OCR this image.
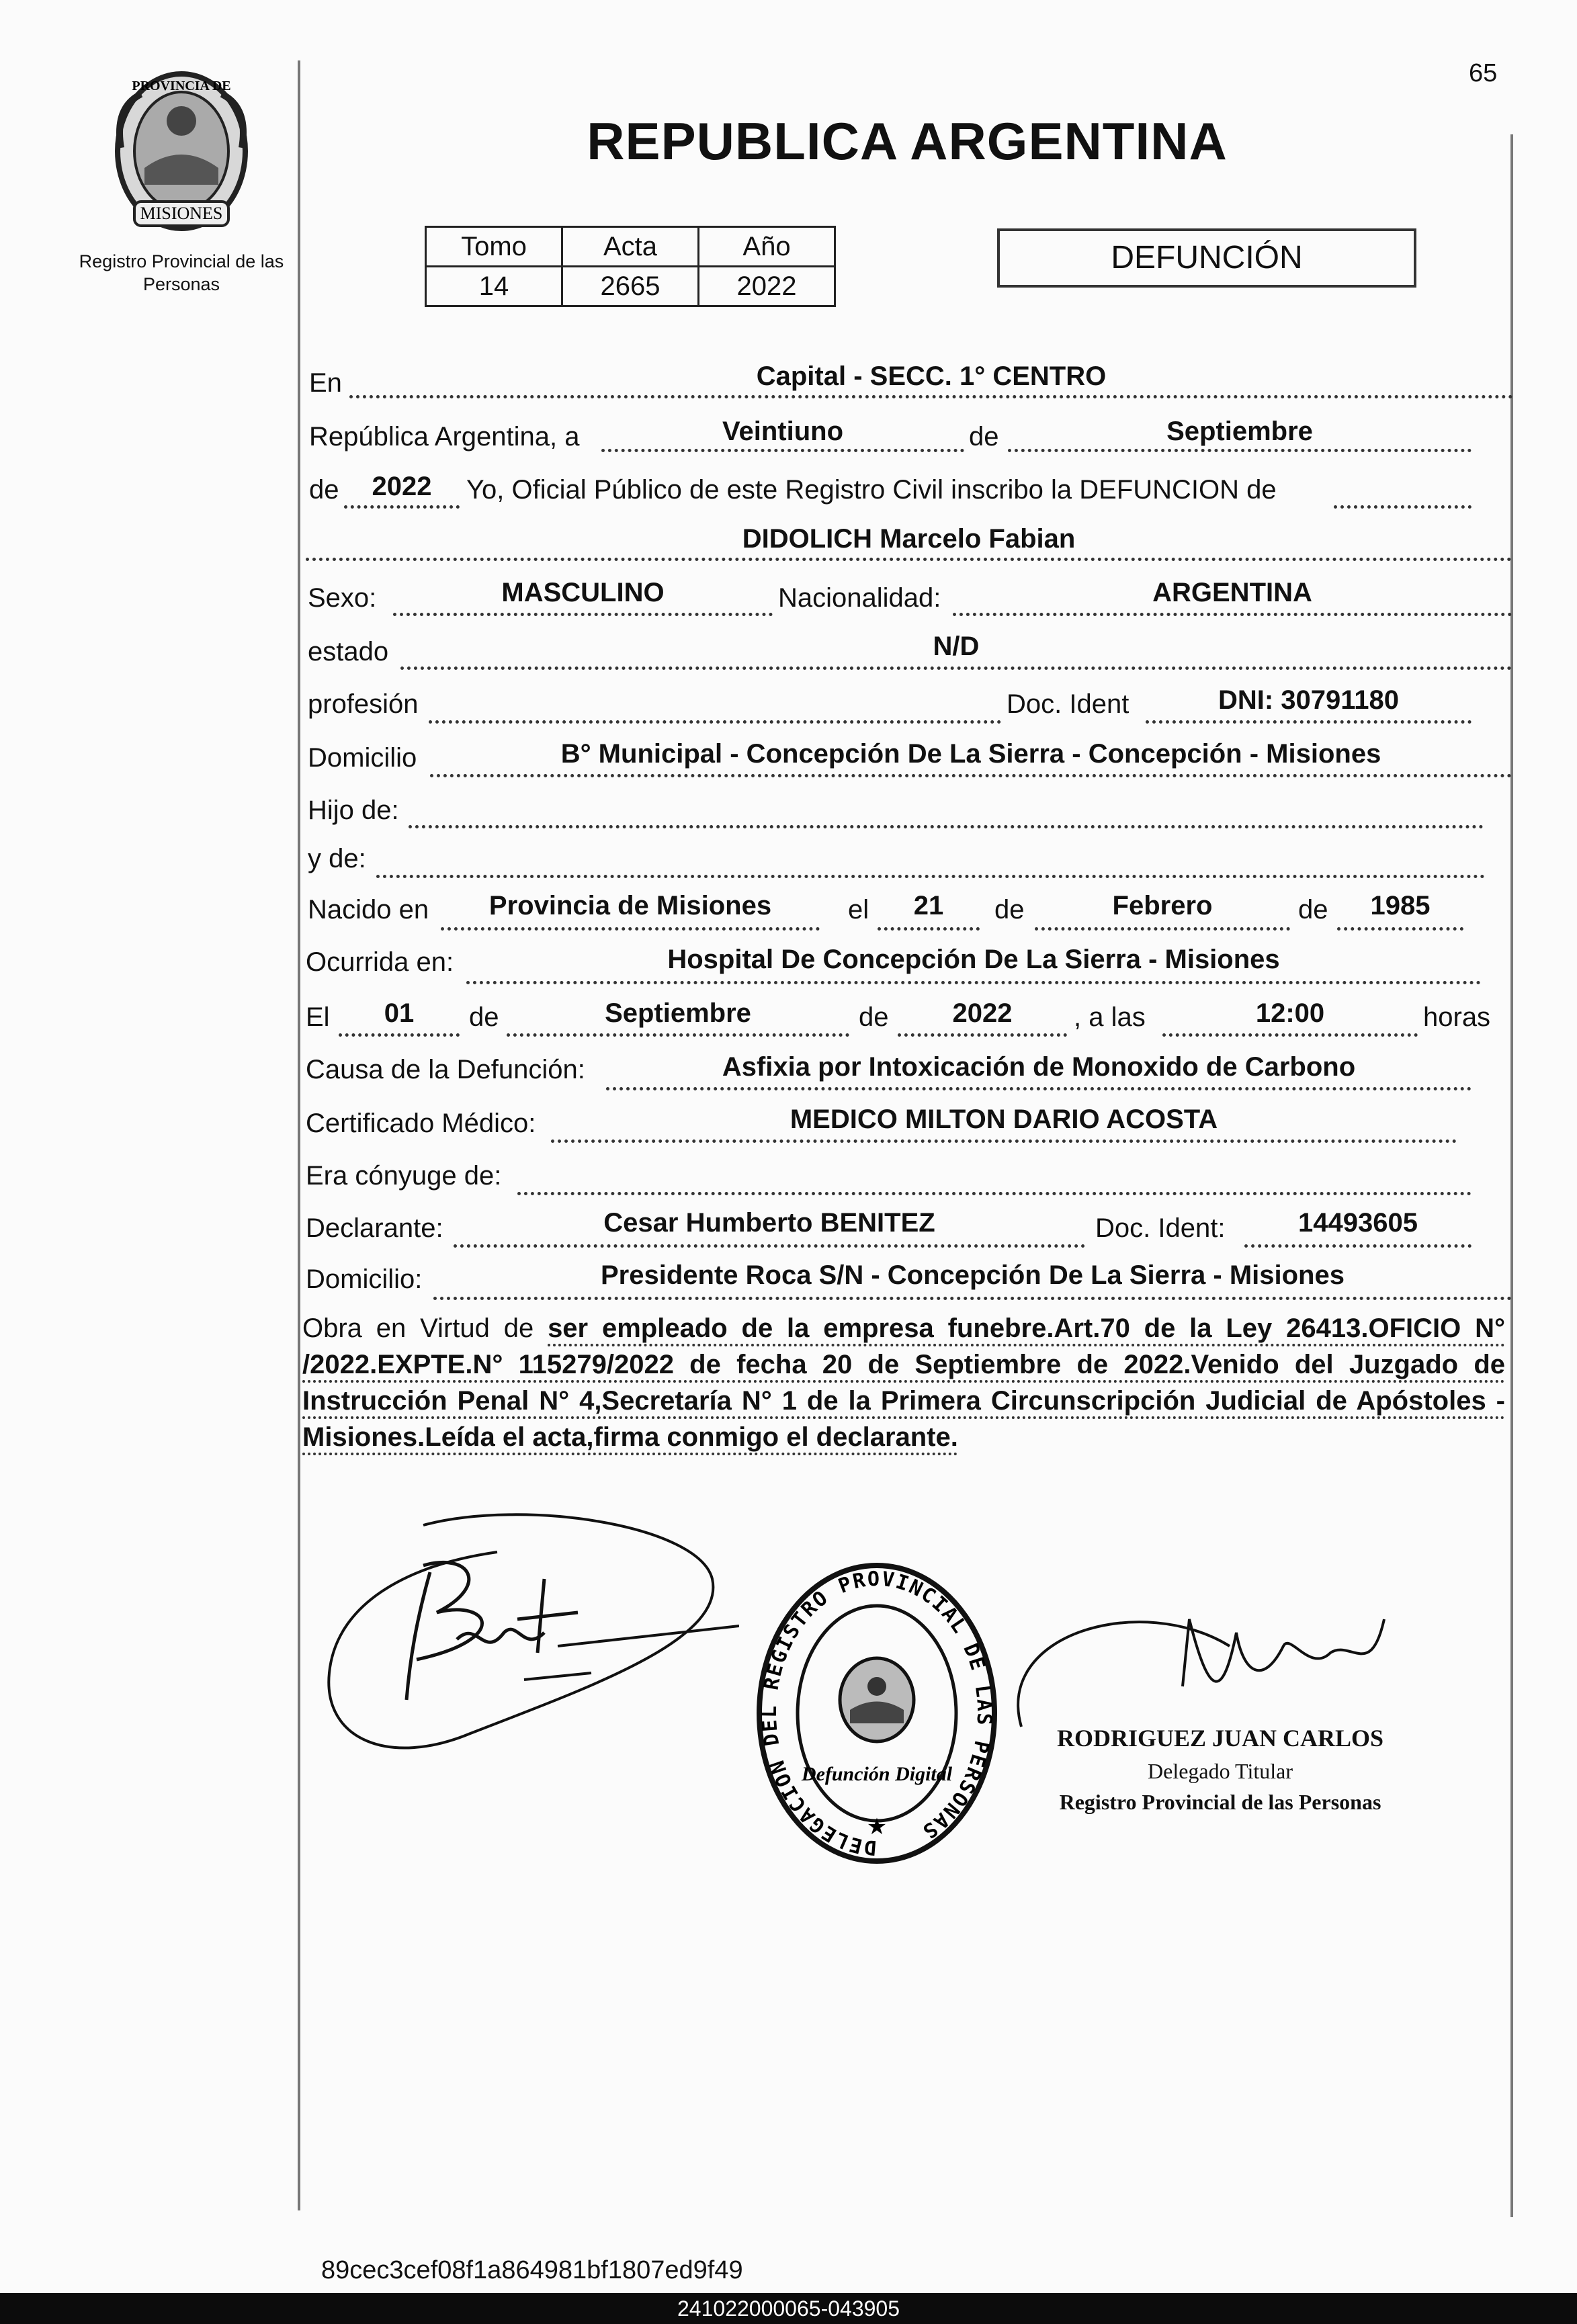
65
PROVINCIA DE
MISIONES
Registro Provincial de las Personas
REPUBLICA ARGENTINA
Tomo	Acta	Año
14	2665	2022
DEFUNCIÓN
En	Capital - SECC. 1° CENTRO
República Argentina, a	Veintiuno	de	Septiembre
de	2022	Yo, Oficial Público de este Registro Civil inscribo la DEFUNCION de
DIDOLICH Marcelo Fabian
Sexo:	MASCULINO	Nacionalidad:	ARGENTINA
estado	N/D
profesión	Doc. Ident	DNI: 30791180
Domicilio	B° Municipal - Concepción De La Sierra - Concepción - Misiones
Hijo de:
y de:
Nacido en	Provincia de Misiones	el	21	de	Febrero	de	1985
Ocurrida en:	Hospital De Concepción De La Sierra - Misiones
El	01	de	Septiembre	de	2022	, a las	12:00	horas
Causa de la Defunción:	Asfixia por Intoxicación de Monoxido de Carbono
Certificado Médico:	MEDICO MILTON DARIO ACOSTA
Era cónyuge de:
Declarante:	Cesar Humberto BENITEZ	Doc. Ident:	14493605
Domicilio:	Presidente Roca S/N - Concepción De La Sierra - Misiones
Obra en Virtud de ser empleado de la empresa funebre.Art.70 de la Ley 26413.OFICIO N° /2022.EXPTE.N° 115279/2022 de fecha 20 de Septiembre de 2022.Venido del Juzgado de Instrucción Penal N° 4,Secretaría N° 1 de la Primera Circunscripción Judicial de Apóstoles - Misiones.Leída el acta,firma conmigo el declarante.
DELEGACION DEL REGISTRO PROVINCIAL DE LAS PERSONAS
Defunción Digital
★
RODRIGUEZ JUAN CARLOS
Delegado Titular
Registro Provincial de las Personas
89cec3cef08f1a864981bf1807ed9f49
241022000065-043905
